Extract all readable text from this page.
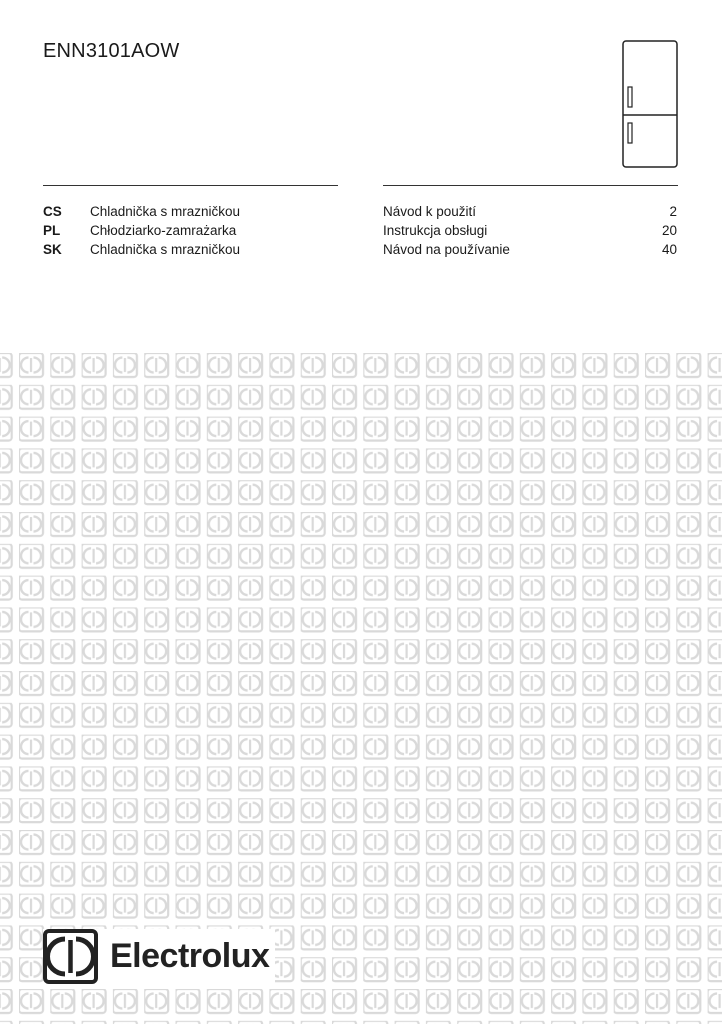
ENN3101AOW
CS Chladnička s mrazničkou	Návod k použití	2
PL Chłodziarko-zamrażarka	Instrukcja obsługi	20
SK Chladnička s mrazničkou	Návod na používanie	40
Electrolux
